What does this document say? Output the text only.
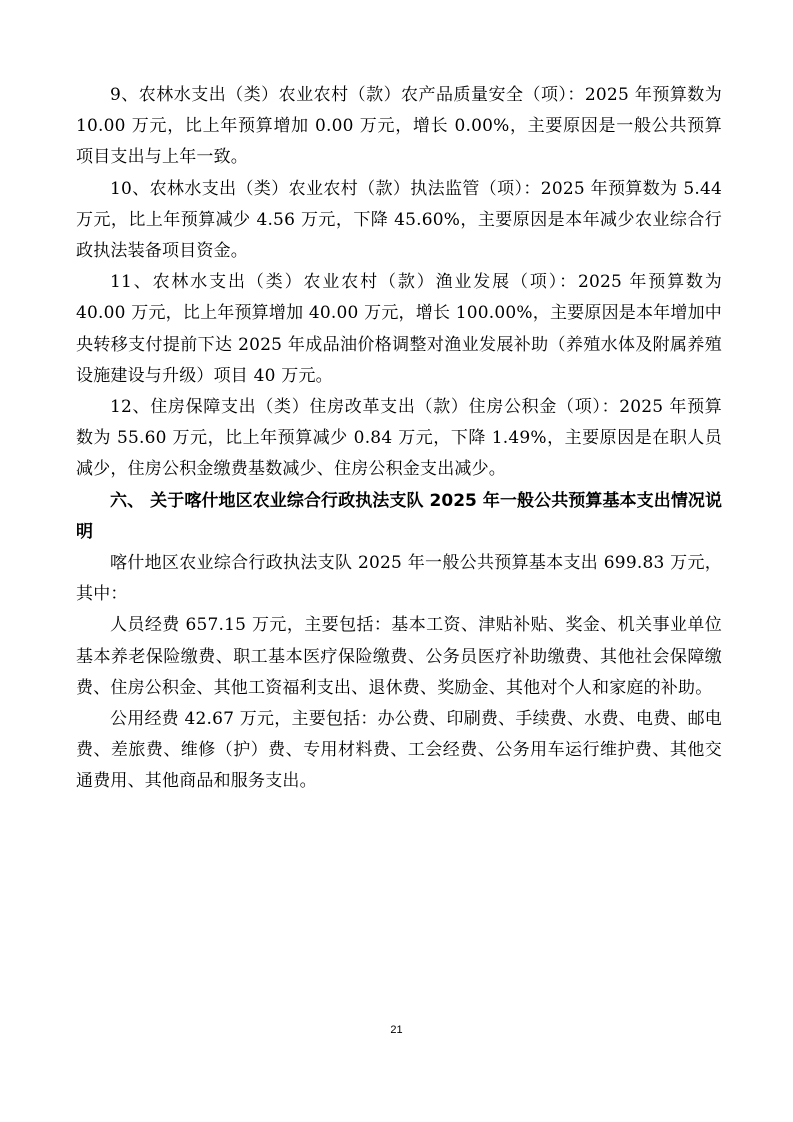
9、农林水支出（类）农业农村（款）农产品质量安全（项）：2025 年预算数为 10.00 万元，比上年预算增加 0.00 万元，增长 0.00%，主要原因是一般公共预算项目支出与上年一致。

10、农林水支出（类）农业农村（款）执法监管（项）：2025 年预算数为 5.44 万元，比上年预算减少 4.56 万元，下降 45.60%，主要原因是本年减少农业综合行政执法装备项目资金。

11、农林水支出（类）农业农村（款）渔业发展（项）：2025 年预算数为 40.00 万元，比上年预算增加 40.00 万元，增长 100.00%，主要原因是本年增加中央转移支付提前下达 2025 年成品油价格调整对渔业发展补助（养殖水体及附属养殖设施建设与升级）项目 40 万元。

12、住房保障支出（类）住房改革支出（款）住房公积金（项）：2025 年预算数为 55.60 万元，比上年预算减少 0.84 万元，下降 1.49%，主要原因是在职人员减少，住房公积金缴费基数减少、住房公积金支出减少。

六、 关于喀什地区农业综合行政执法支队 2025 年一般公共预算基本支出情况说明

喀什地区农业综合行政执法支队 2025 年一般公共预算基本支出 699.83 万元，其中：

人员经费 657.15 万元，主要包括：基本工资、津贴补贴、奖金、机关事业单位基本养老保险缴费、职工基本医疗保险缴费、公务员医疗补助缴费、其他社会保障缴费、住房公积金、其他工资福利支出、退休费、奖励金、其他对个人和家庭的补助。

公用经费 42.67 万元，主要包括：办公费、印刷费、手续费、水费、电费、邮电费、差旅费、维修（护）费、专用材料费、工会经费、公务用车运行维护费、其他交通费用、其他商品和服务支出。

21
